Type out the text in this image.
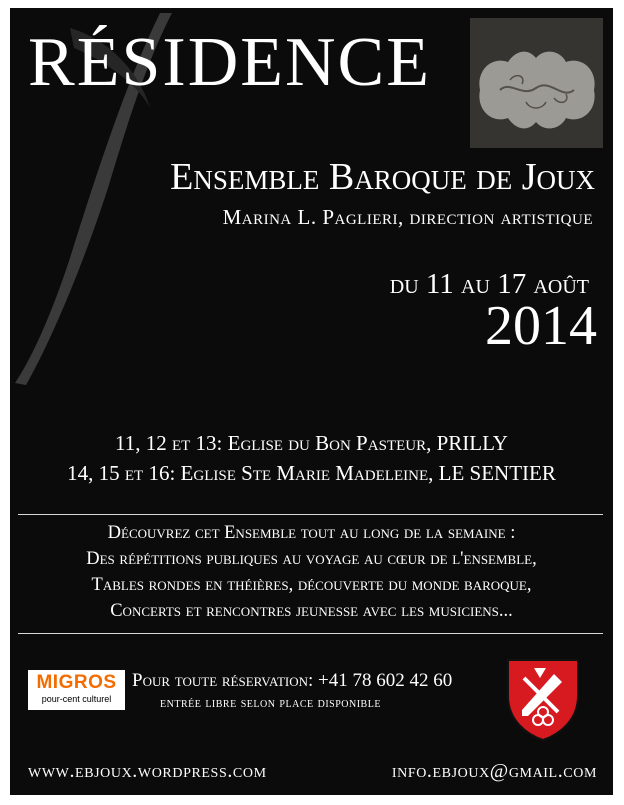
RÉSIDENCE
Ensemble Baroque de Joux
Marina L. Paglieri, direction artistique
du 11 au 17 août
2014
11, 12 et 13: Eglise du Bon Pasteur, PRILLY
14, 15 et 16: Eglise Ste Marie Madeleine, LE SENTIER
Découvrez cet Ensemble tout au long de la semaine :
Des répétitions publiques au voyage au cœur de l'ensemble,
Tables rondes en théières, découverte du monde baroque,
Concerts et rencontres jeunesse avec les musiciens...
MIGROS
pour-cent culturel
Pour toute réservation: +41 78 602 42 60
entrée libre selon place disponible
www.ebjoux.wordpress.com	info.ebjoux@gmail.com
